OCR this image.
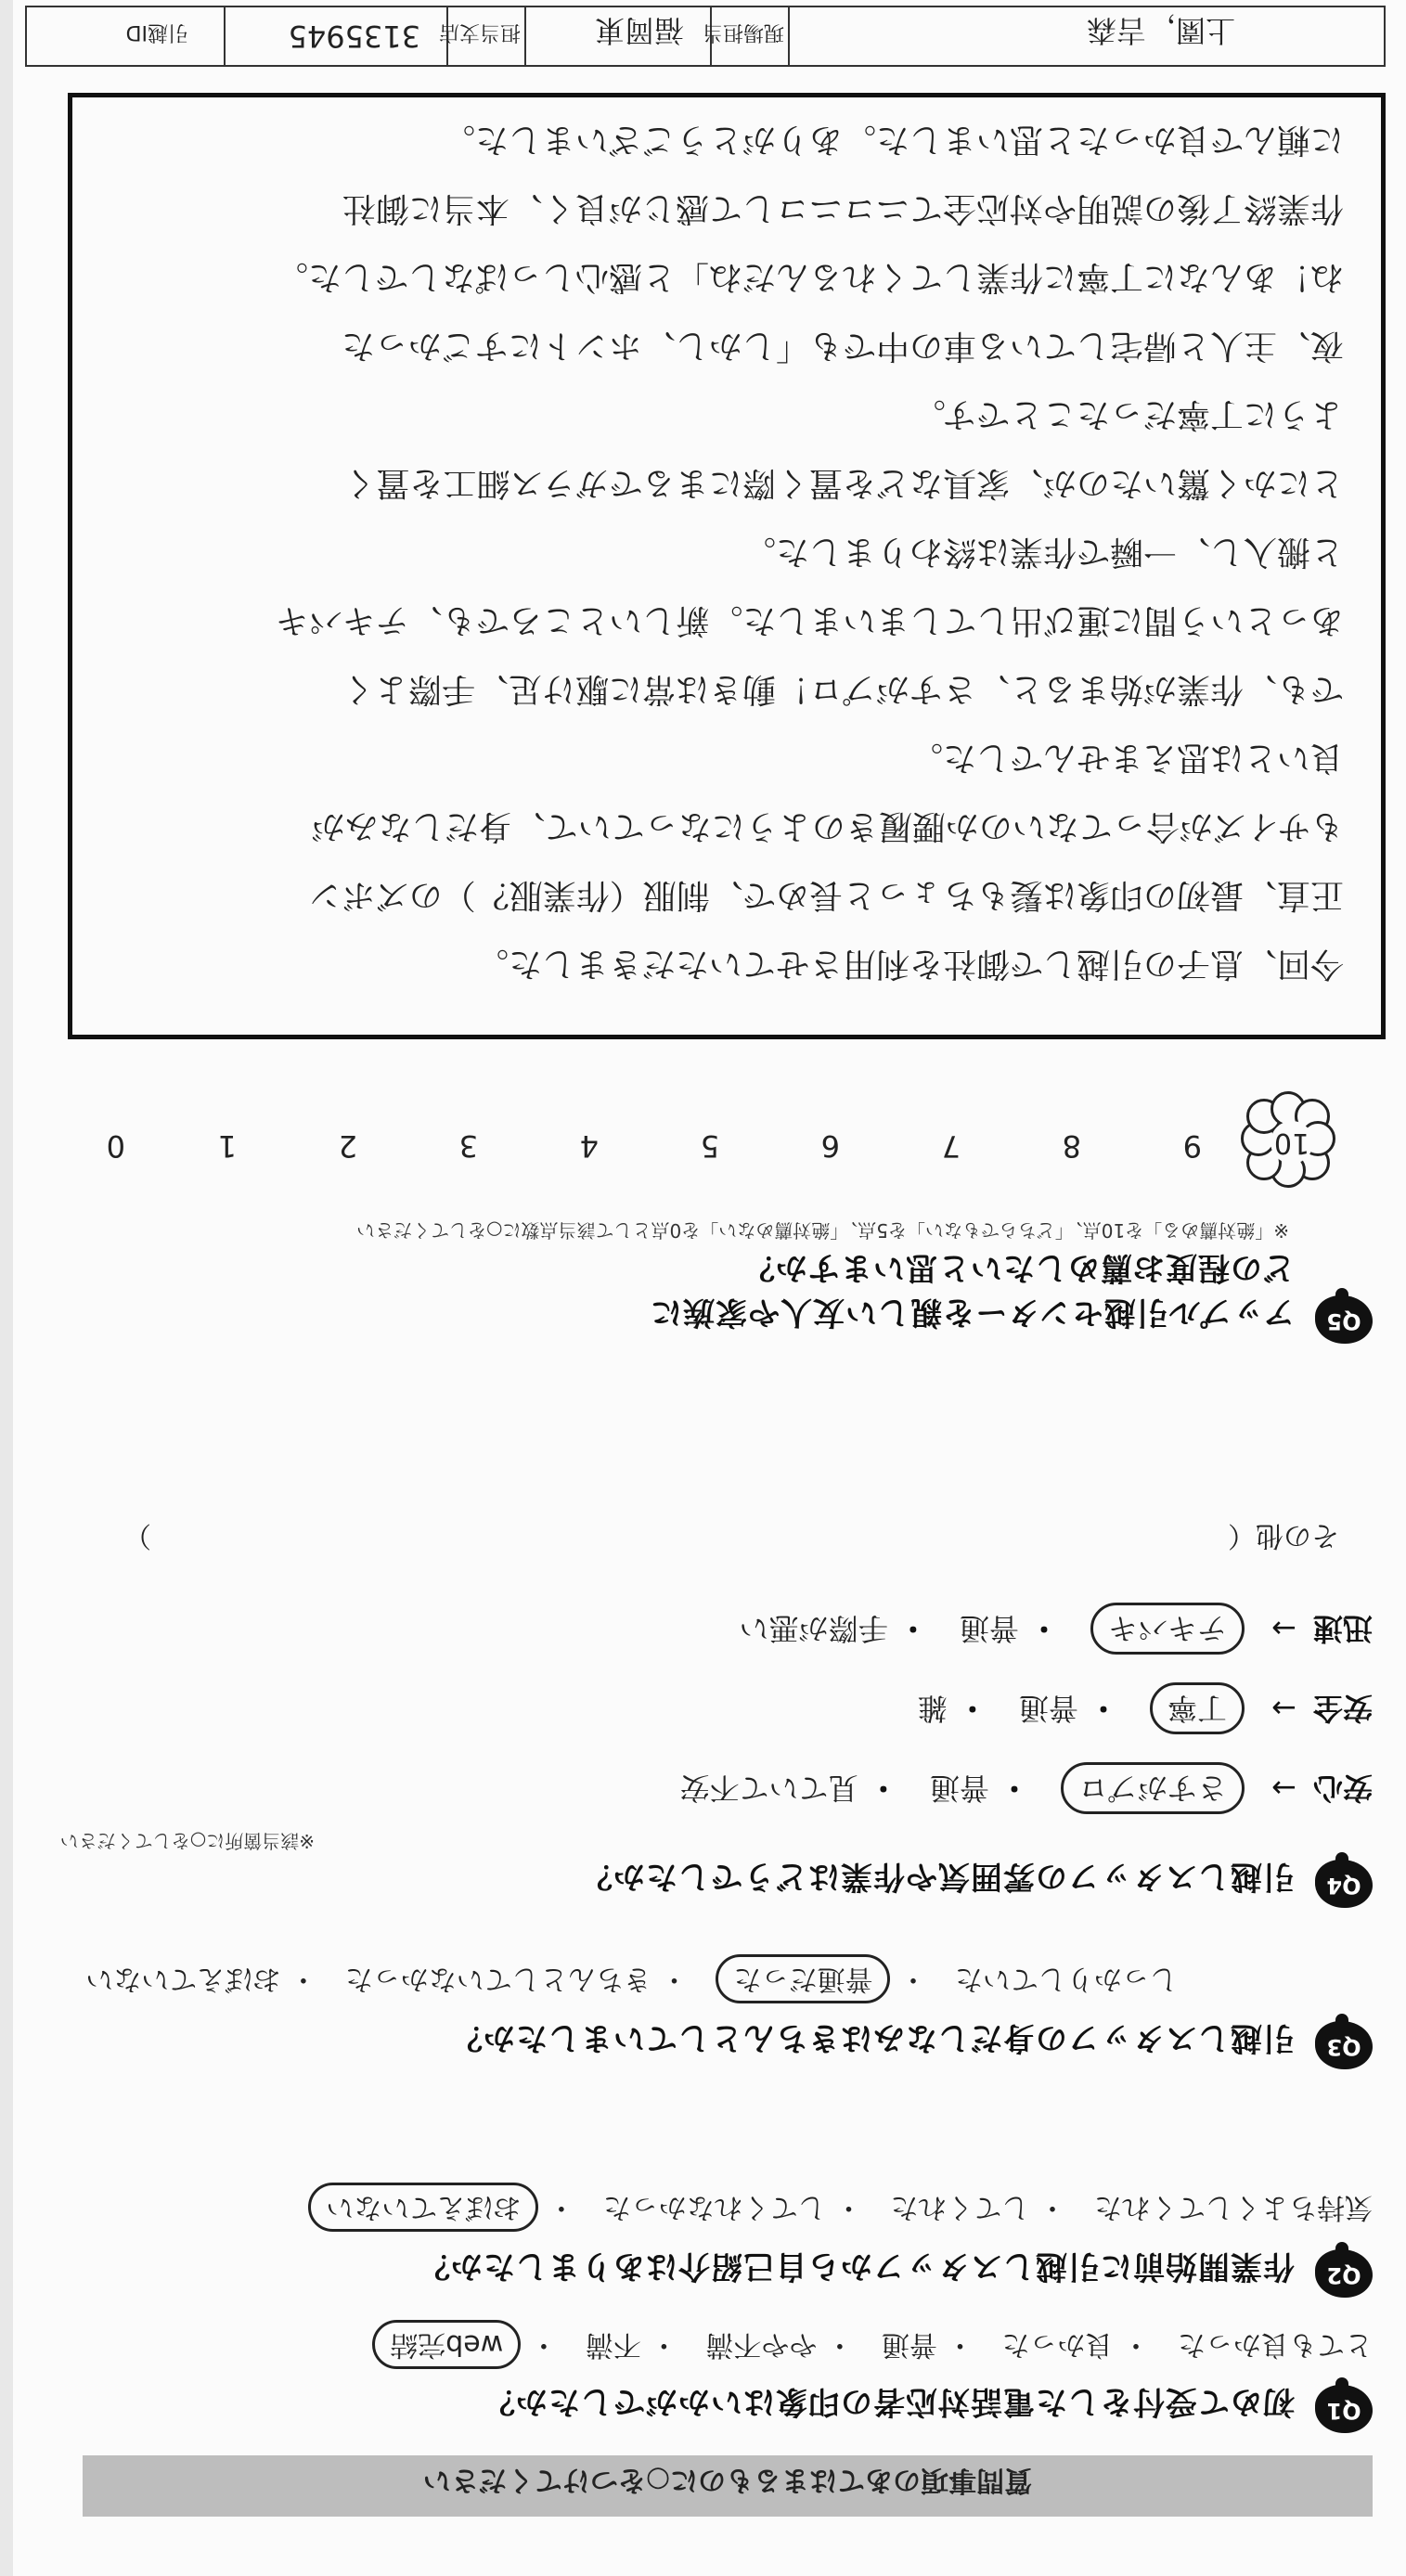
質問事項のあてはまるものに○をつけてください
Q1
初めて受付をした電話対応者の印象はいかがでしたか？
とても良かった・ 良かった・ 普通・ やや不満・ 不満・ web完結
Q2
作業開始前に引越しスタッフから自己紹介はありましたか？
気持ちよくしてくれた・ してくれた・ してくれなかった・ おぼえていない
Q3
引越しスタッフの身だしなみはきちんとしていましたか？
しっかりしていた・ 普通だった・ きちんとしていなかった・ おぼえていない
Q4
引越しスタッフの雰囲気や作業はどうでしたか？
※該当箇所に○をしてください
安心→ さすがプロ・ 普通・ 見ていて不安
安全→ 丁寧・ 普通・ 雑
迅速→ テキパキ・ 普通・ 手際が悪い
その他（
）
Q5
アップル引越センターを親しい友人や家族に
どの程度お薦めしたいと思いますか？
※「絶対薦める」を10点、「どちらでもない」を5点、「絶対薦めない」を0点として該当点数に○をしてください
10
9
8
7
6
5
4
3
2
1
0
今回、息子の引越しで御社を利用させていただきました。
正直、最初の印象は髪もちょっと長めで、制服（作業服？）のズボン
もサイズが合ってないのか腰履きのようになっていて、身だしなみが
良いとは思えませんでした。
でも、作業が始まると、さすがプロ！動きは常に駆け足、手際よく
あっという間に運び出してしまいました。新しいところでも、テキパキ
と搬入し、一瞬で作業は終わりました。
とにかく驚いたのが、家具などを置く際にまるでガラス細工を置く
ように丁寧だったことです。
夜、主人と帰宅している車の中でも「しかし、ホントにすごかった
ね！あんなに丁寧に作業してくれるんだね」と感心しっぱなしでした。
作業終了後の説明や対応全てニコニコして感じが良く、本当に御社
に頼んで良かったと思いました。ありがとうございました。
上園，吉森
現場担当
福岡東
担当支店
3135945
引越ID
